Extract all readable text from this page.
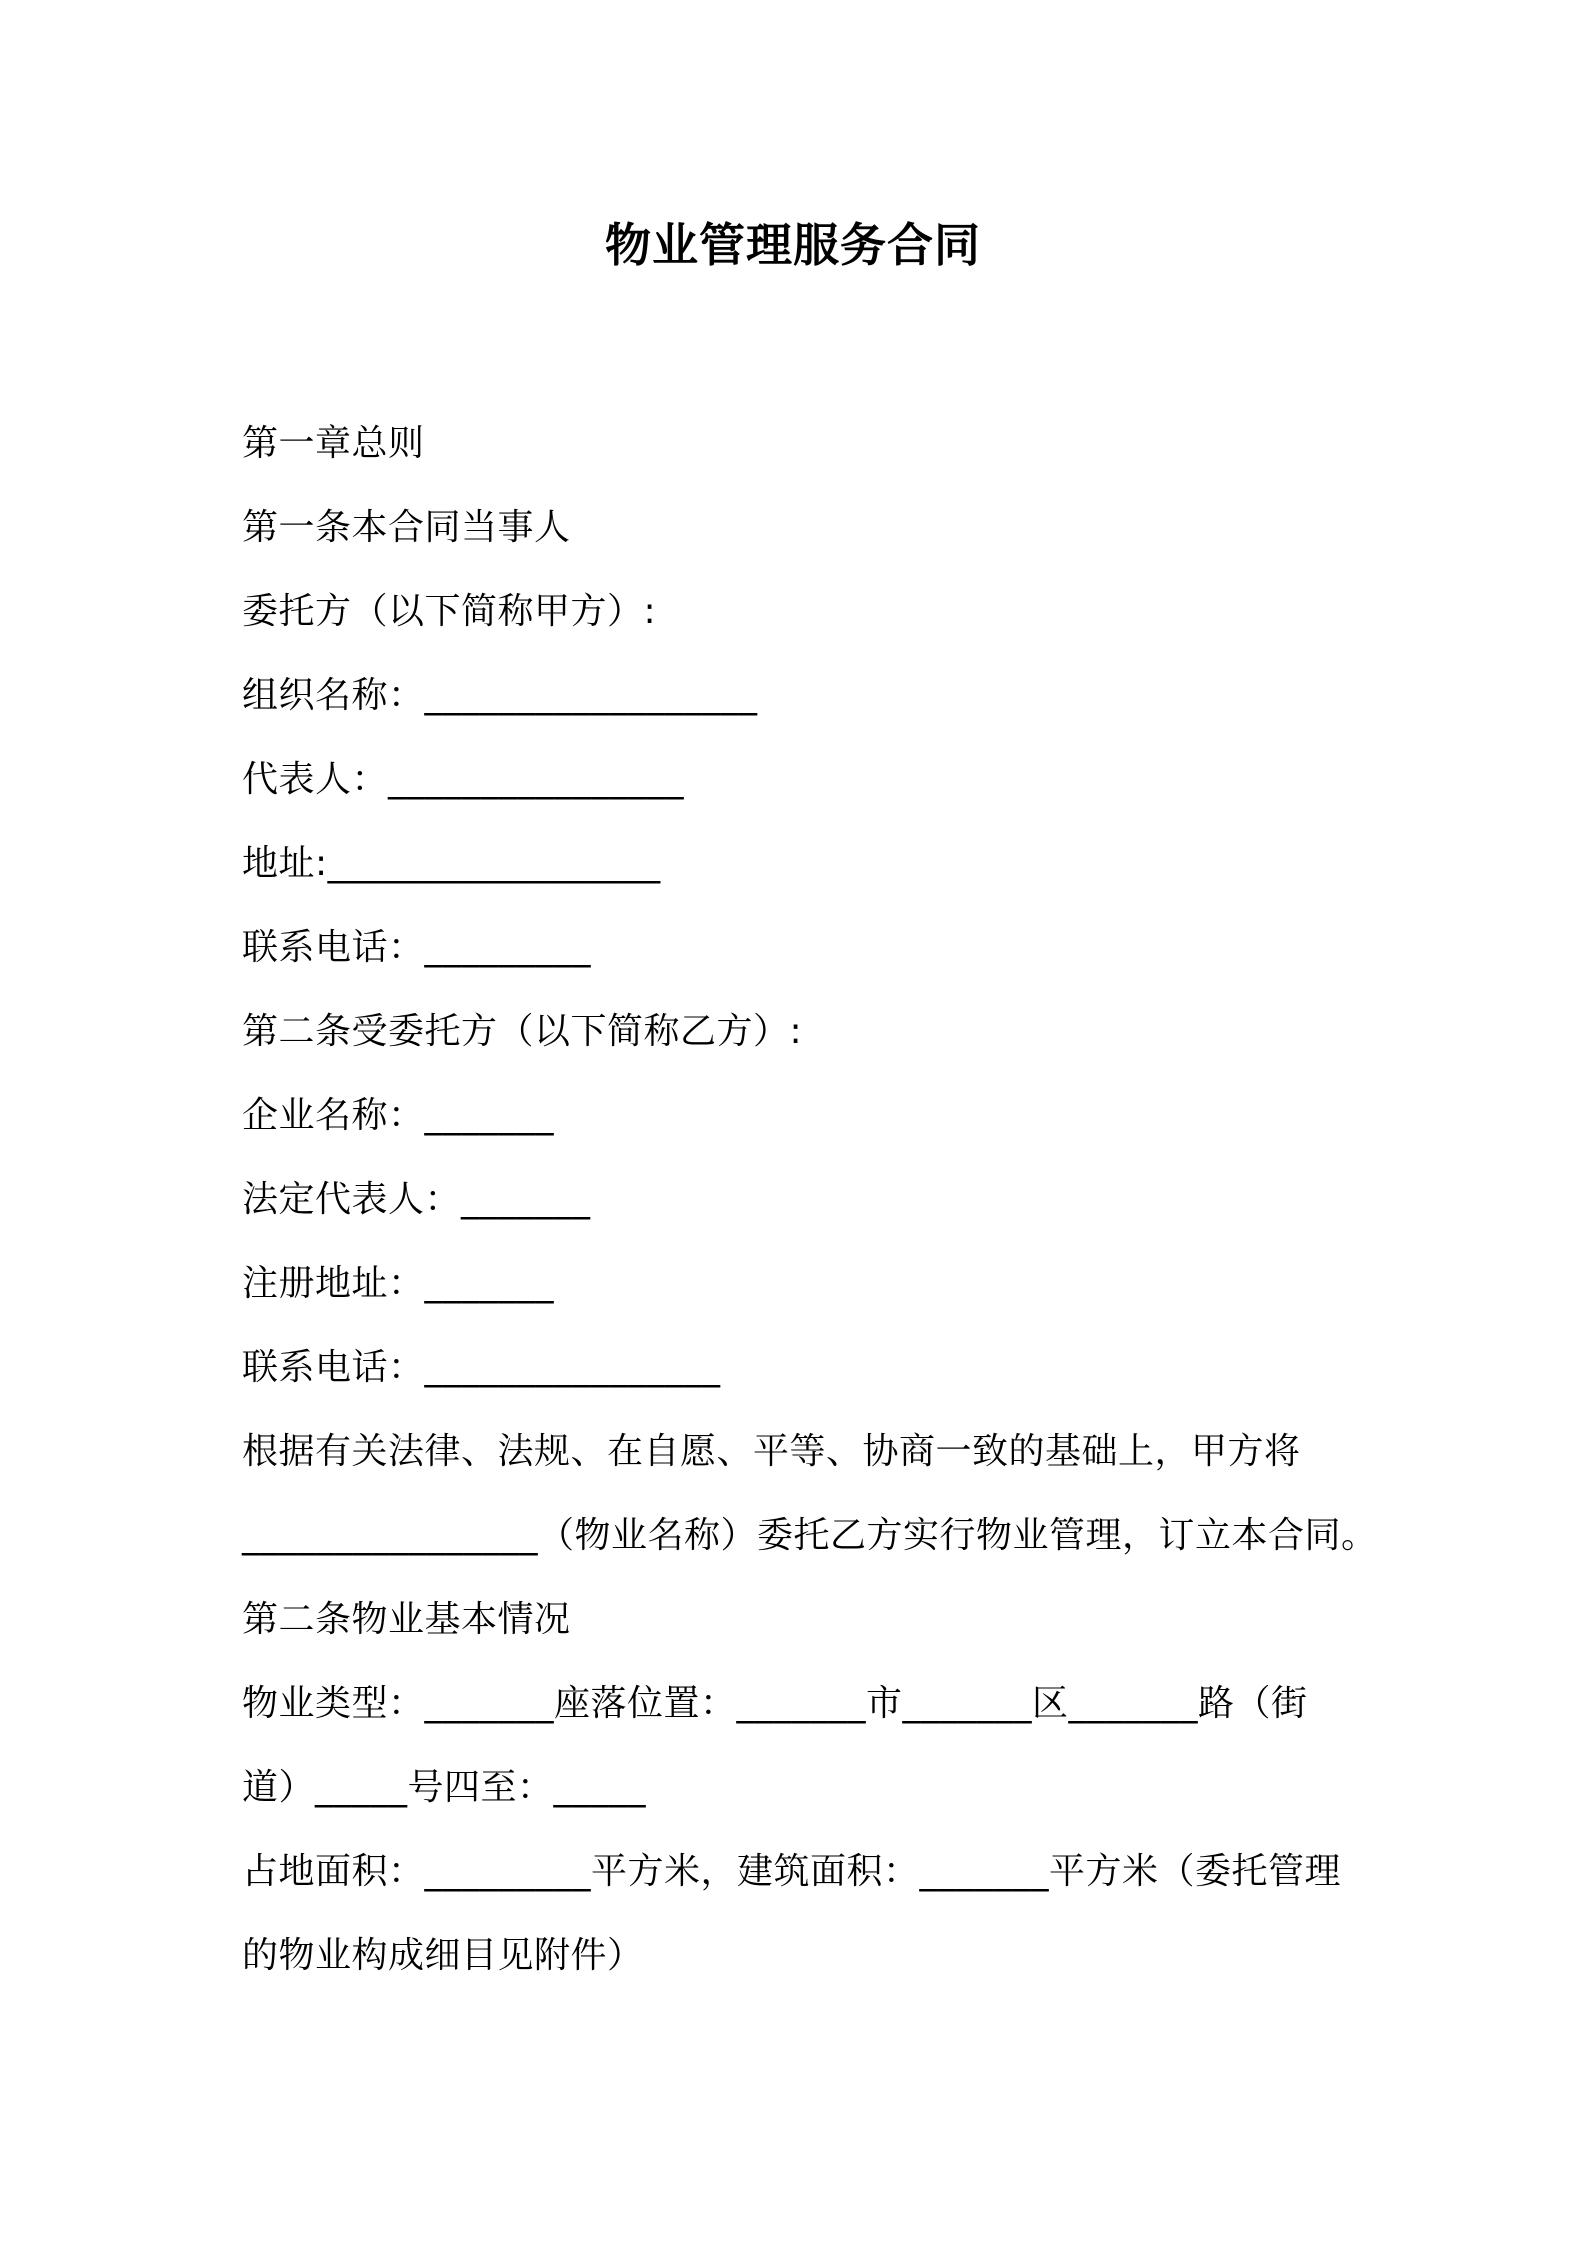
物业管理服务合同
第一章总则
第一条本合同当事人
委托方（以下简称甲方）:
组织名称：__________________
代表人：________________
地址:__________________
联系电话：_________
第二条受委托方（以下简称乙方）:
企业名称：_______
法定代表人：_______
注册地址：_______
联系电话：________________
根据有关法律、法规、在自愿、平等、协商一致的基础上，甲方将
________________（物业名称）委托乙方实行物业管理，订立本合同。
第二条物业基本情况
物业类型：_______座落位置：_______市_______区_______路（街
道）_____号四至：_____
占地面积：_________平方米，建筑面积：_______平方米（委托管理
的物业构成细目见附件）
